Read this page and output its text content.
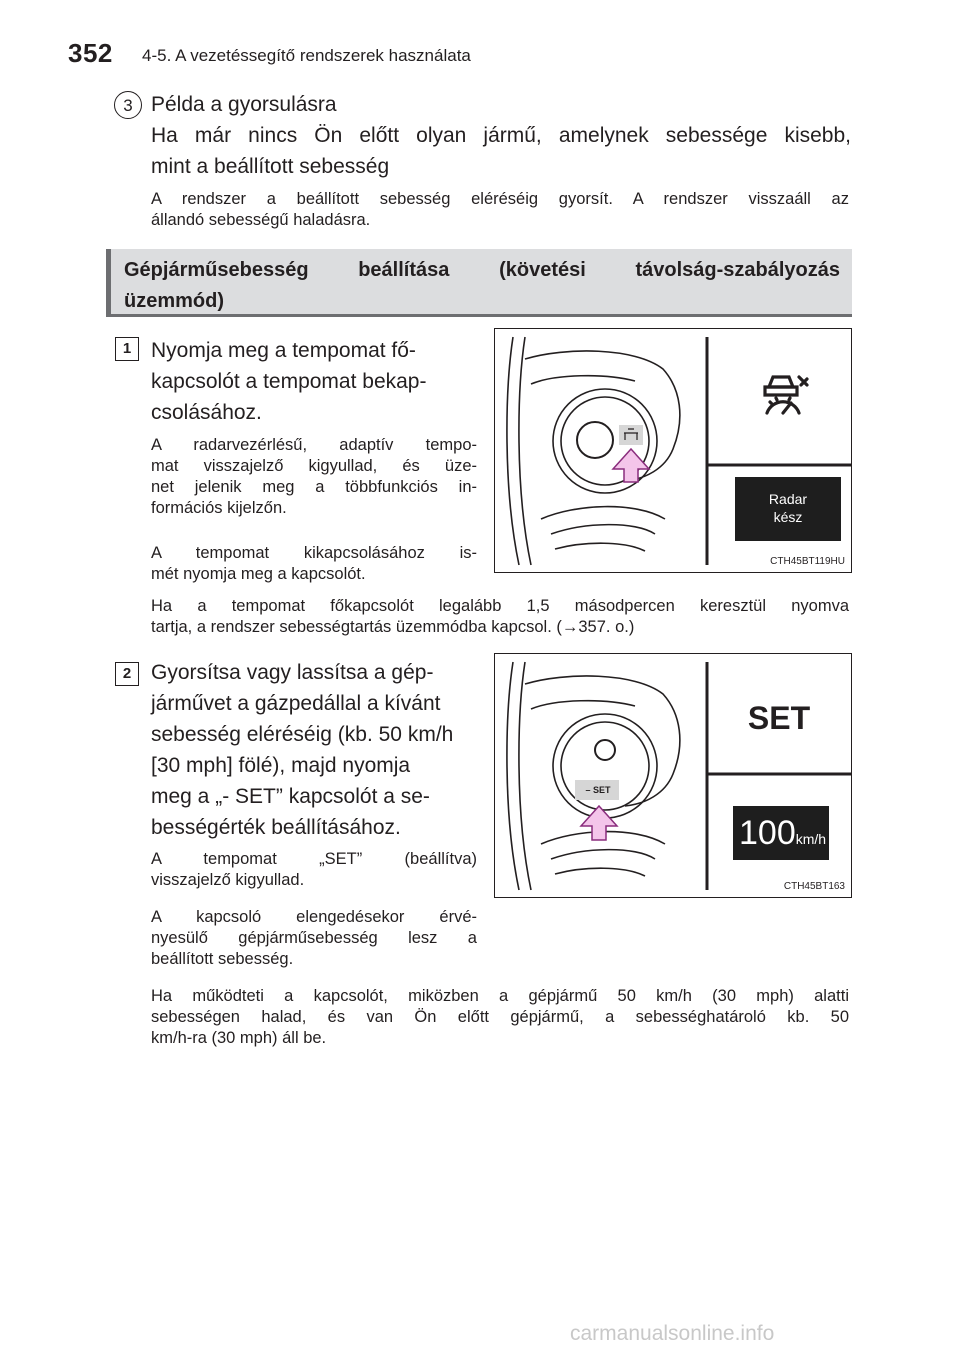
352 4-5. A vezetéssegítő rendszerek használata
3 Példa a gyorsulásra
Ha már nincs Ön előtt olyan jármű, amelynek sebessége kisebb,
mint a beállított sebesség
A rendszer a beállított sebesség eléréséig gyorsít. A rendszer visszaáll az
állandó sebességű haladásra.
Gépjárműsebesség beállítása (követési távolság-szabályozás
üzemmód)
1 Nyomja meg a tempomat fő-
kapcsolót a tempomat bekap-
csolásához.
A radarvezérlésű, adaptív tempo-
mat visszajelző kigyullad, és üze-
net jelenik meg a többfunkciós in-
formációs kijelzőn.
A tempomat kikapcsolásához is-
mét nyomja meg a kapcsolót.
Ha a tempomat főkapcsolót legalább 1,5 másodpercen keresztül nyomva
tartja, a rendszer sebességtartás üzemmódba kapcsol. (→357. o.)
Radar
kész
CTH45BT119HU
2 Gyorsítsa vagy lassítsa a gép-
járművet a gázpedállal a kívánt
sebesség eléréséig (kb. 50 km/h
[30 mph] fölé), majd nyomja
meg a „- SET” kapcsolót a se-
bességérték beállításához.
A tempomat „SET” (beállítva)
visszajelző kigyullad.
A kapcsoló elengedésekor érvé-
nyesülő gépjárműsebesség lesz a
beállított sebesség.
Ha működteti a kapcsolót, miközben a gépjármű 50 km/h (30 mph) alatti
sebességen halad, és van Ön előtt gépjármű, a sebességhatároló kb. 50
km/h-ra (30 mph) áll be.
– SET
SET
100km/h
CTH45BT163
carmanualsonline.info
